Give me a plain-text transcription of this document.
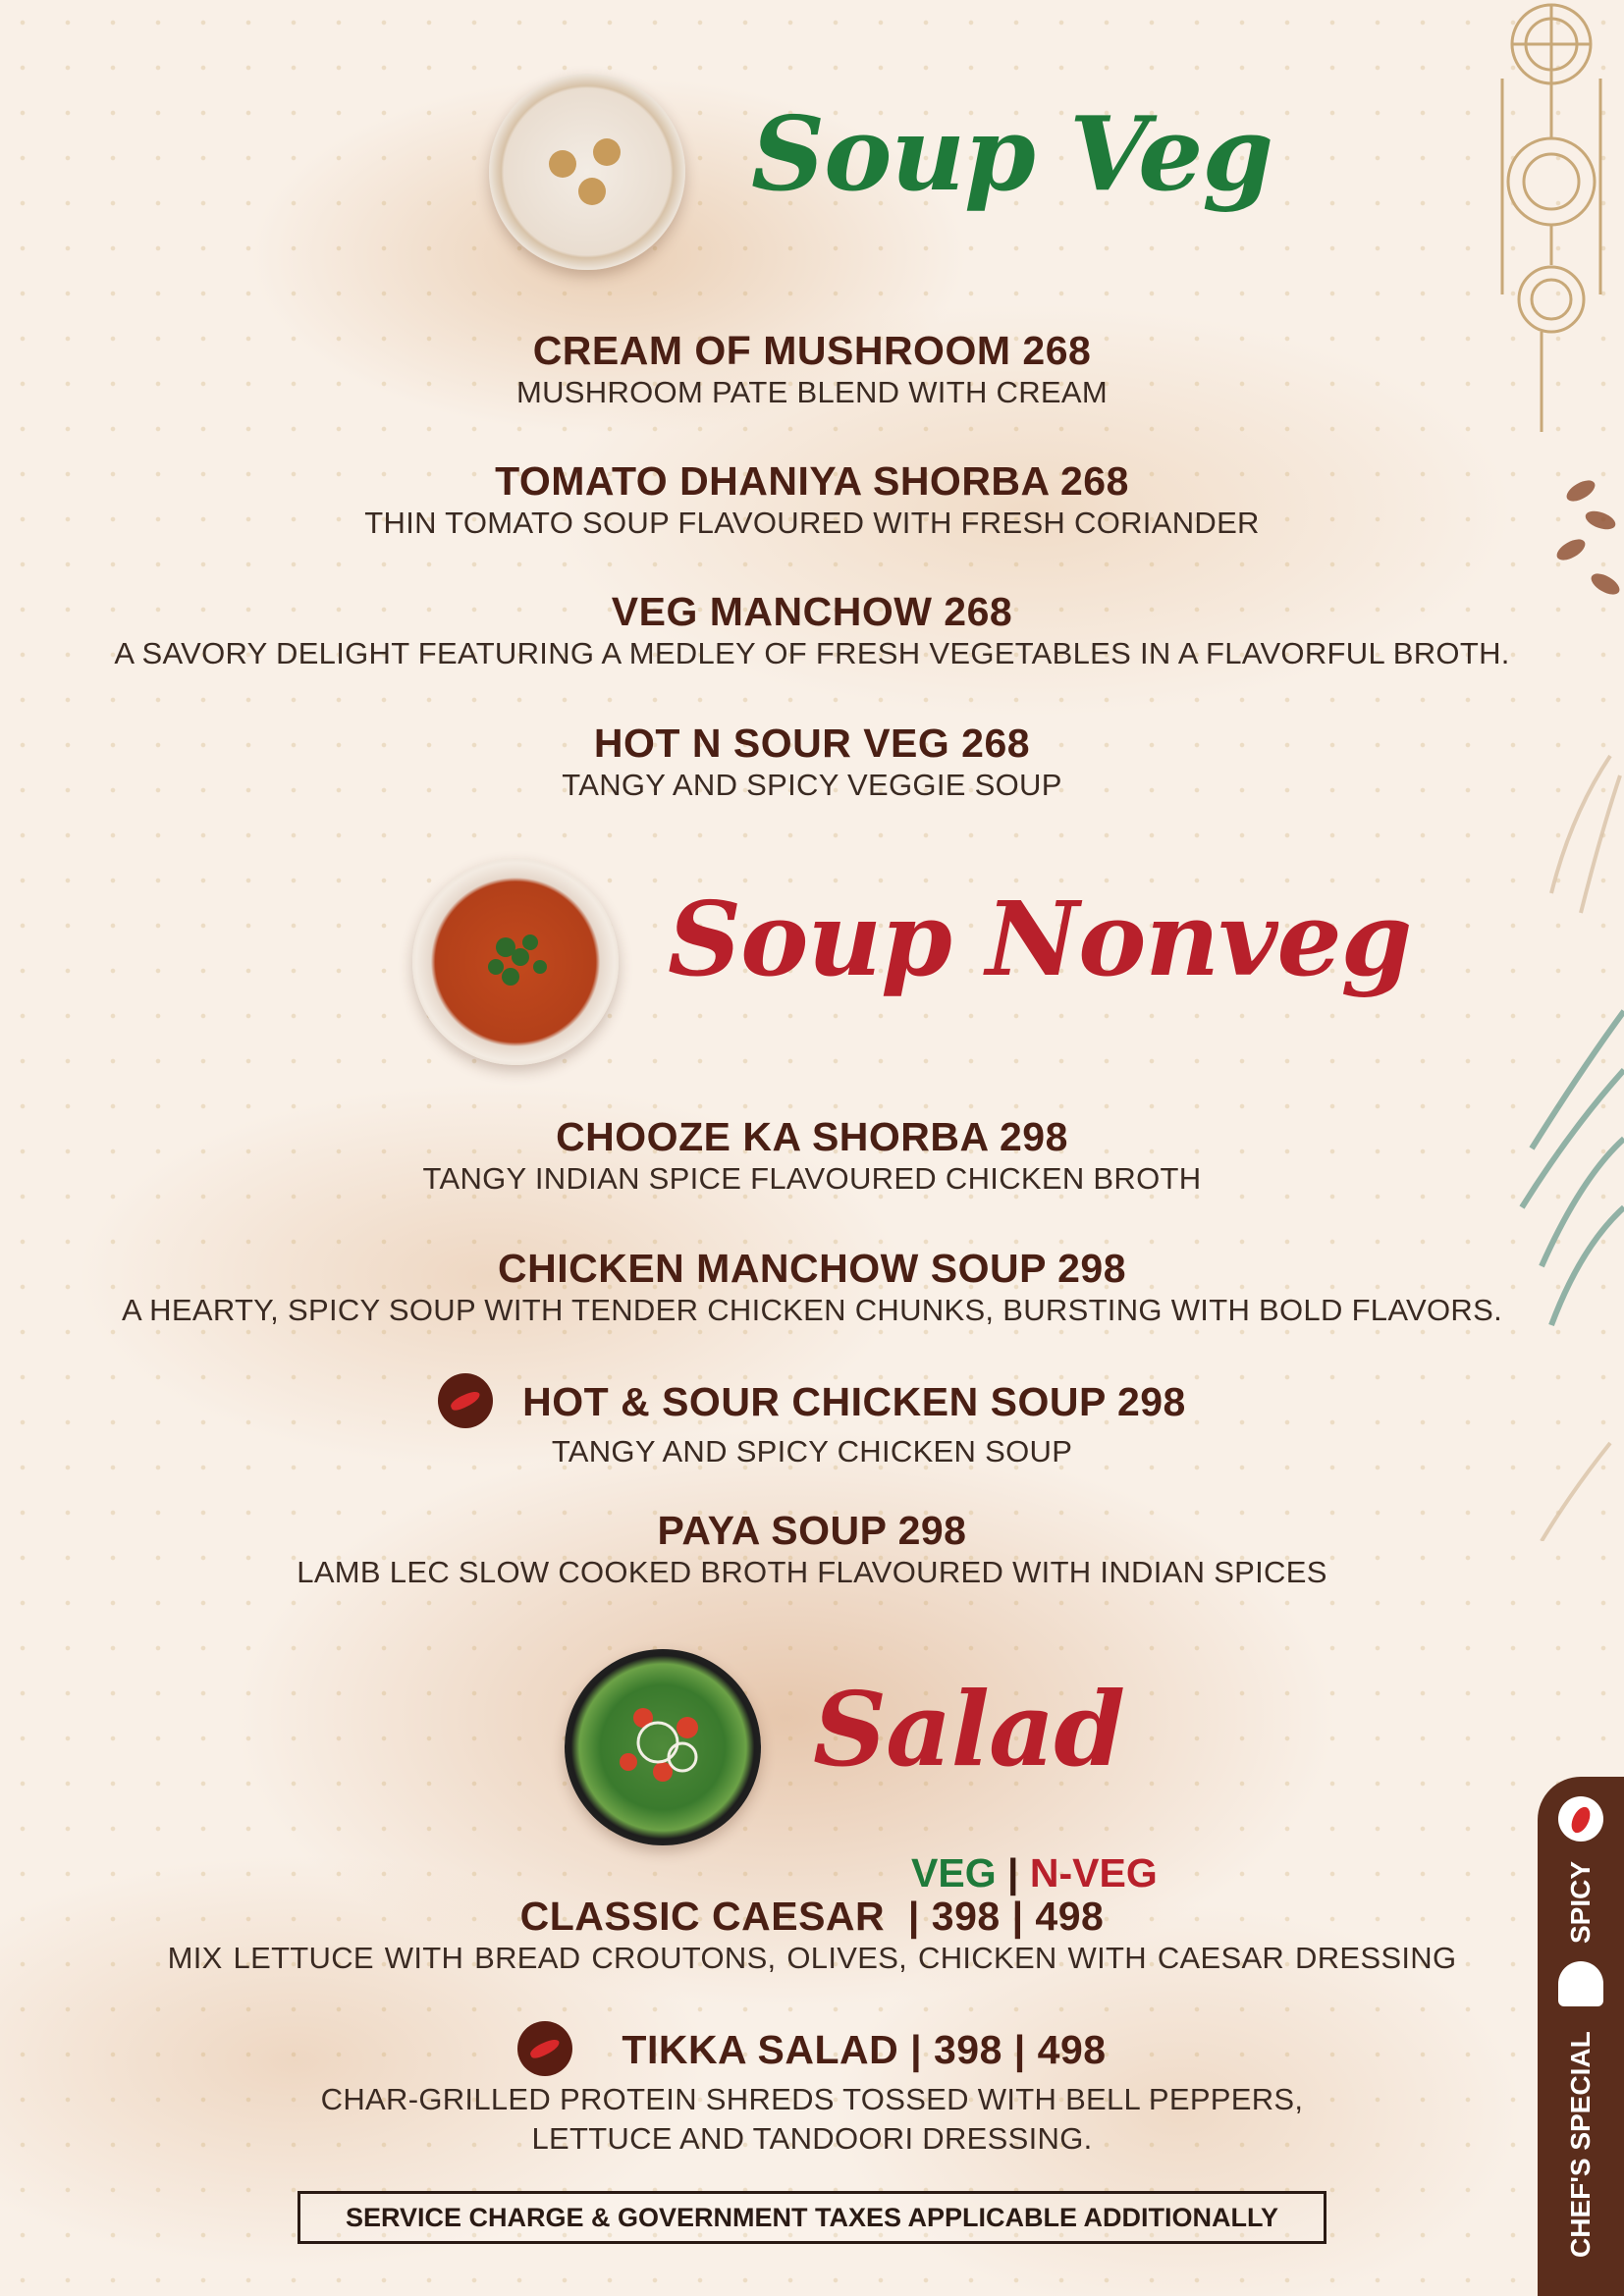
Soup Veg
CREAM OF MUSHROOM 268
MUSHROOM PATE BLEND WITH CREAM
TOMATO DHANIYA SHORBA 268
THIN TOMATO SOUP FLAVOURED WITH FRESH CORIANDER
VEG MANCHOW 268
A SAVORY DELIGHT FEATURING A MEDLEY OF FRESH VEGETABLES IN A FLAVORFUL BROTH.
HOT N SOUR VEG 268
TANGY AND SPICY VEGGIE SOUP
Soup Nonveg
CHOOZE KA SHORBA 298
TANGY INDIAN SPICE FLAVOURED CHICKEN BROTH
CHICKEN MANCHOW SOUP 298
A HEARTY, SPICY SOUP WITH TENDER CHICKEN CHUNKS, BURSTING WITH BOLD FLAVORS.
HOT & SOUR CHICKEN SOUP 298
TANGY AND SPICY CHICKEN SOUP
PAYA SOUP 298
LAMB LEC SLOW COOKED BROTH FLAVOURED WITH INDIAN SPICES
Salad
VEG | N-VEG
CLASSIC CAESAR  | 398 | 498
MIX LETTUCE WITH BREAD CROUTONS, OLIVES, CHICKEN WITH CAESAR DRESSING
TIKKA SALAD | 398 | 498
CHAR-GRILLED PROTEIN SHREDS TOSSED WITH BELL PEPPERS,
LETTUCE AND TANDOORI DRESSING.
SERVICE CHARGE & GOVERNMENT TAXES APPLICABLE ADDITIONALLY
SPICY
CHEF'S SPECIAL
